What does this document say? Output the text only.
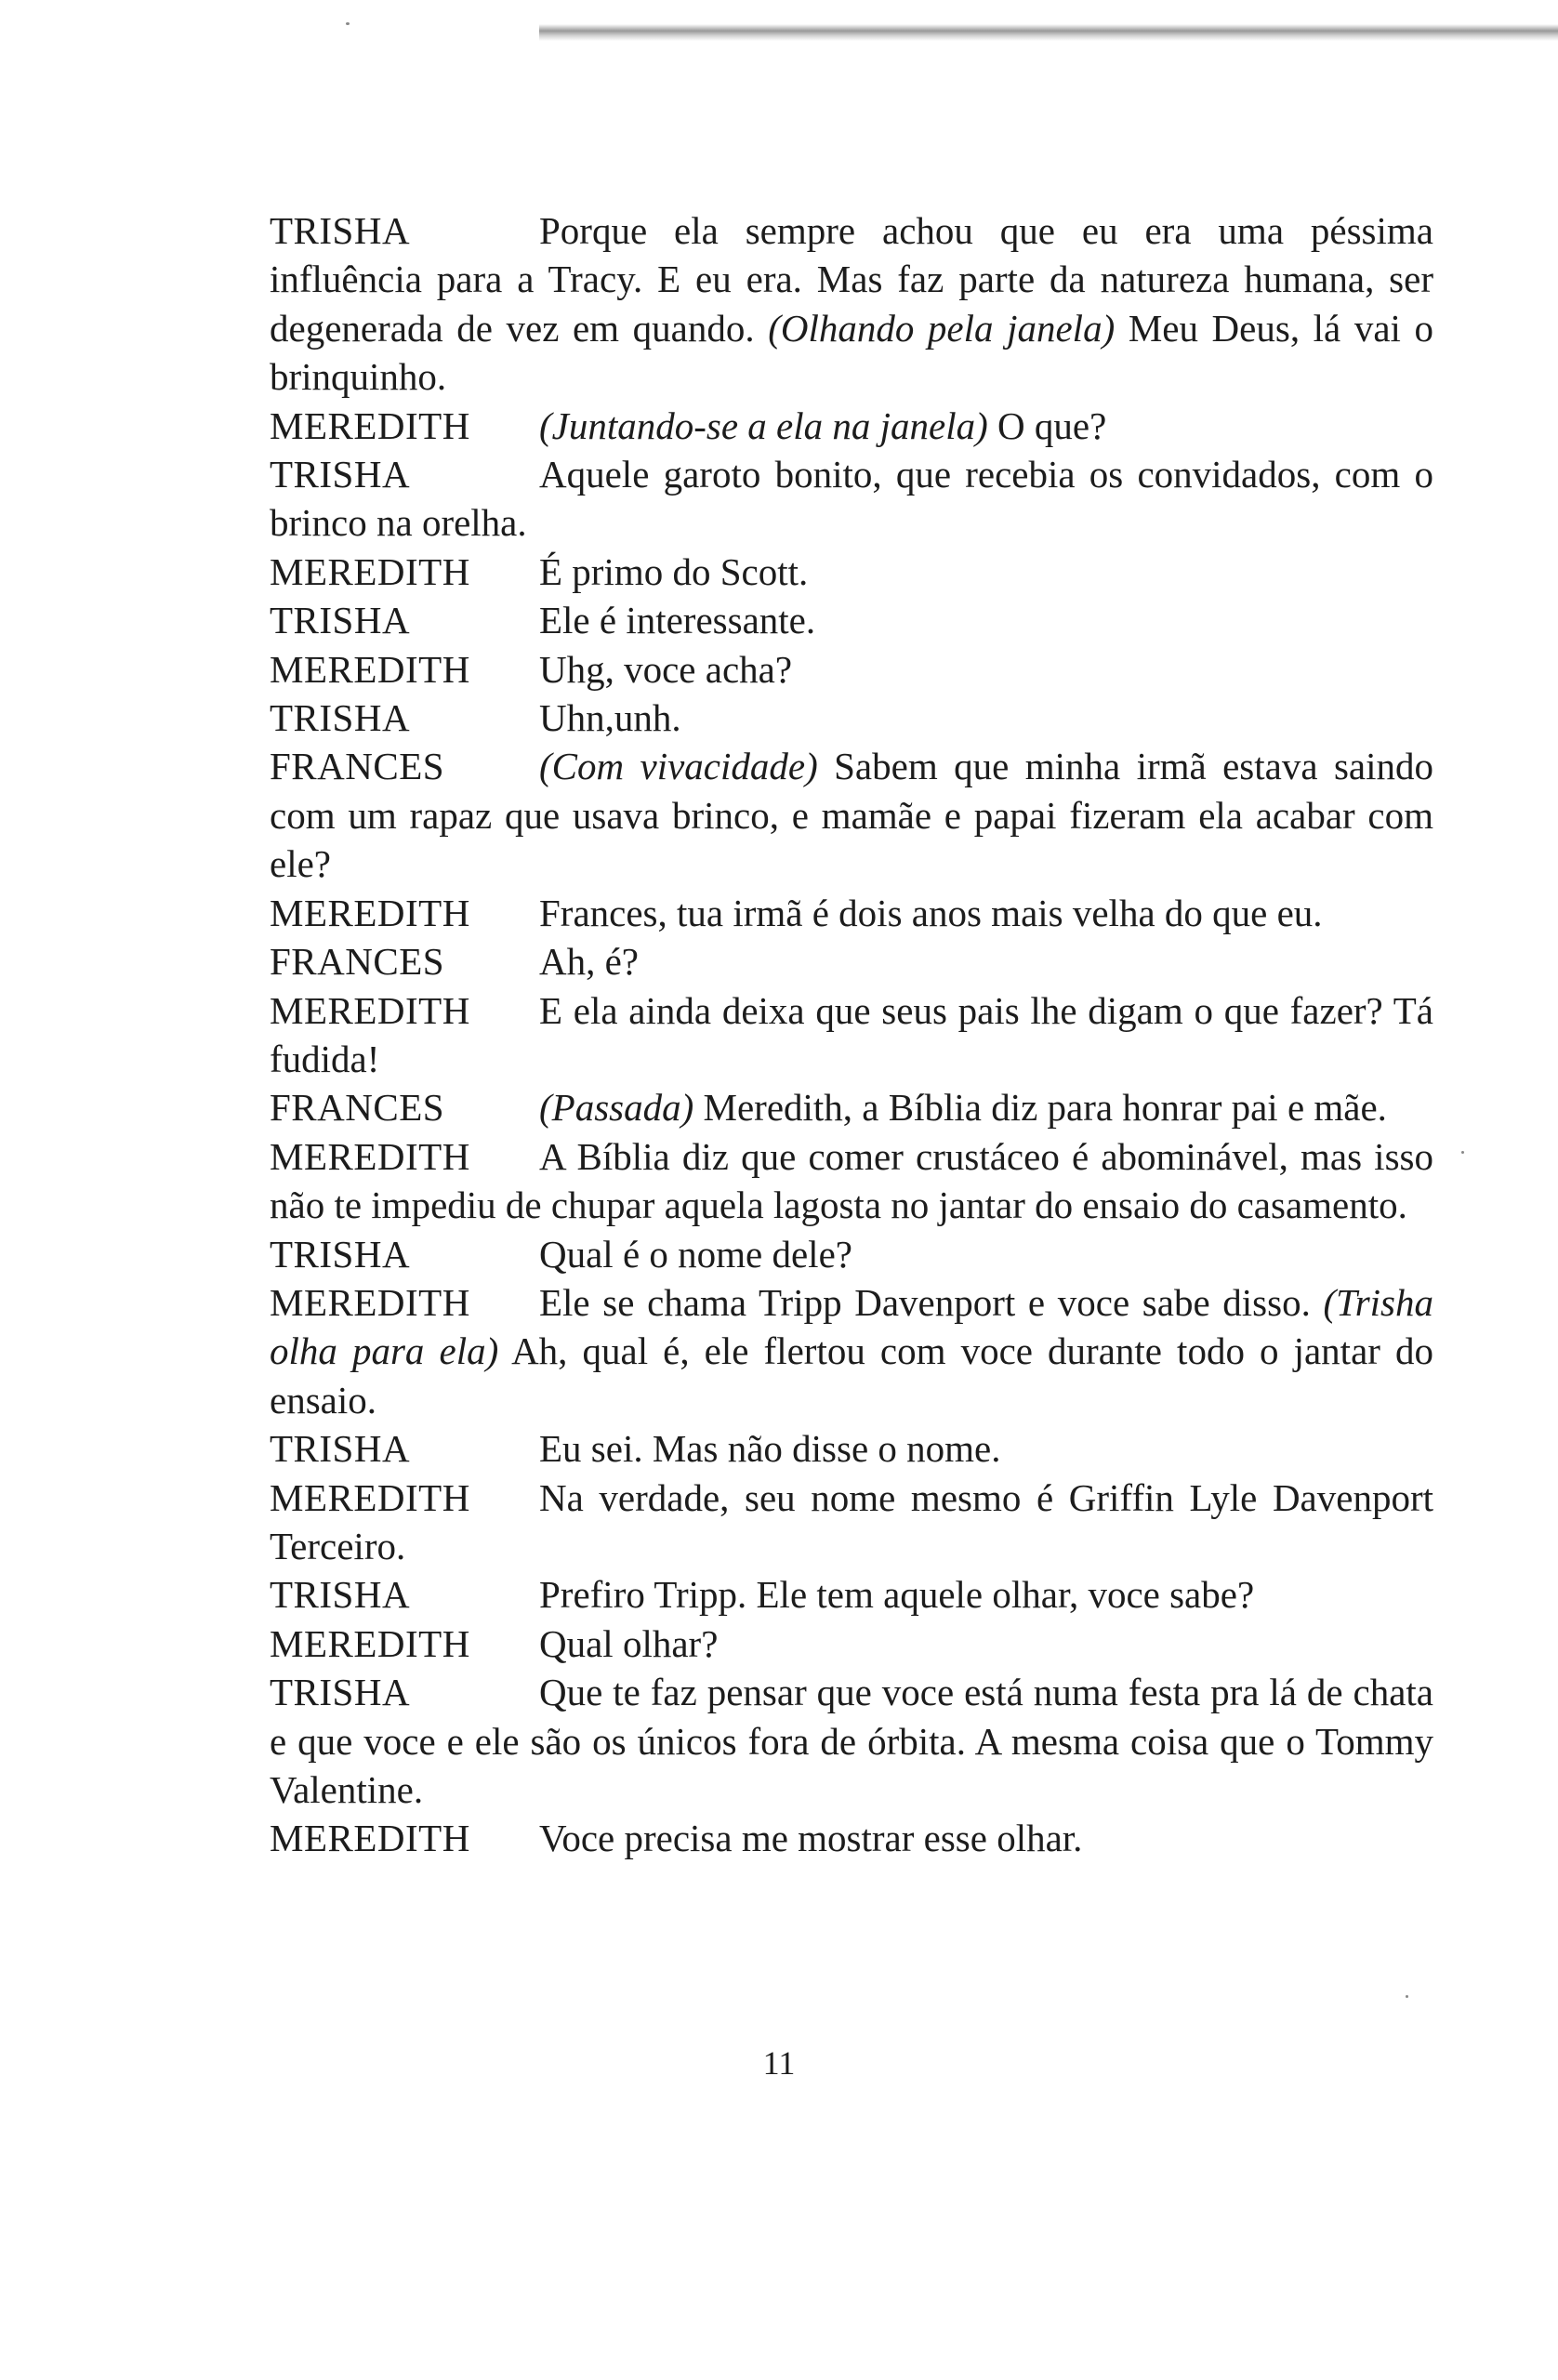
TRISHA	Porque ela sempre achou que eu era uma péssima influência para a Tracy. E eu era. Mas faz parte da natureza humana, ser degenerada de vez em quando. (Olhando pela janela) Meu Deus, lá vai o brinquinho.

MEREDITH (Juntando-se a ela na janela) O que?

TRISHA	Aquele garoto bonito, que recebia os convidados, com o brinco na orelha.

MEREDITH É primo do Scott.

TRISHA	Ele é interessante.

MEREDITH Uhg, voce acha?

TRISHA	Uhn,unh.

FRANCES (Com vivacidade) Sabem que minha irmã estava saindo com um rapaz que usava brinco, e mamãe e papai fizeram ela acabar com ele?

MEREDITH Frances, tua irmã é dois anos mais velha do que eu.

FRANCES Ah, é?

MEREDITH E ela ainda deixa que seus pais lhe digam o que fazer? Tá fudida!

FRANCES (Passada) Meredith, a Bíblia diz para honrar pai e mãe.

MEREDITH A Bíblia diz que comer crustáceo é abominável, mas isso não te impediu de chupar aquela lagosta no jantar do ensaio do casamento.

TRISHA	Qual é o nome dele?

MEREDITH Ele se chama Tripp Davenport e voce sabe disso. (Trisha olha para ela) Ah, qual é, ele flertou com voce durante todo o jantar do ensaio.

TRISHA	Eu sei. Mas não disse o nome.

MEREDITH Na verdade, seu nome mesmo é Griffin Lyle Davenport Terceiro.

TRISHA	Prefiro Tripp. Ele tem aquele olhar, voce sabe?

MEREDITH Qual olhar?

TRISHA	Que te faz pensar que voce está numa festa pra lá de chata e que voce e ele são os únicos fora de órbita. A mesma coisa que o Tommy Valentine.

MEREDITH Voce precisa me mostrar esse olhar.

11
